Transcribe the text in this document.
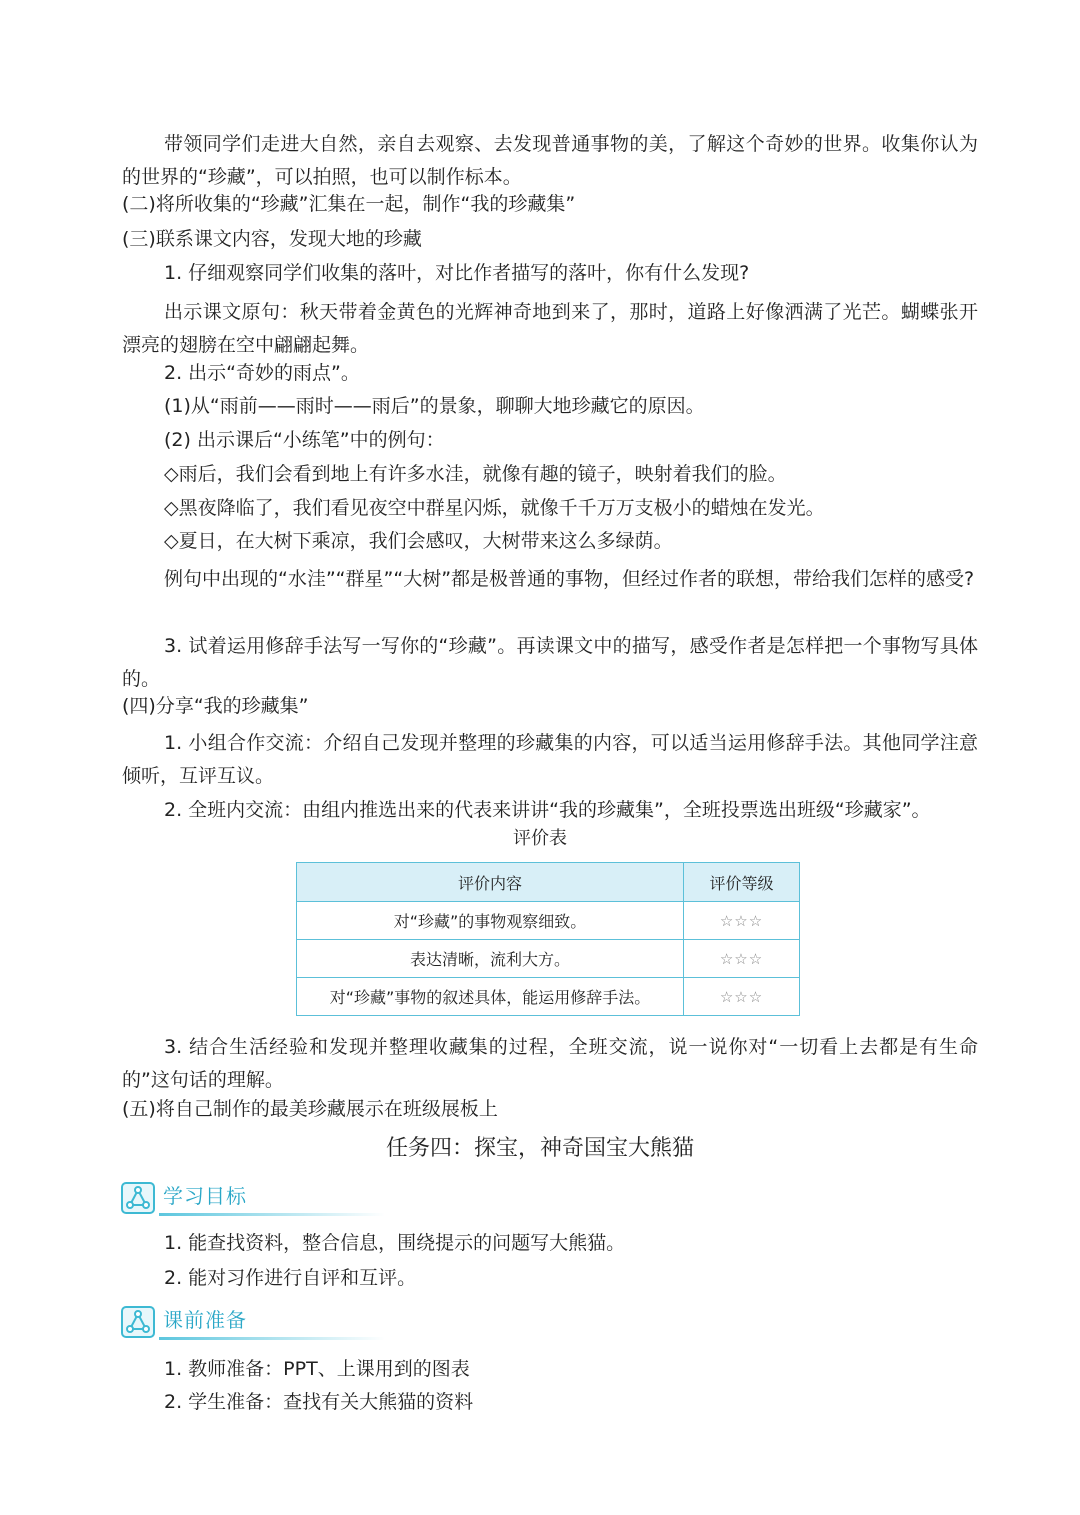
带领同学们走进大自然，亲自去观察、去发现普通事物的美，了解这个奇妙的世界。收集你认为的世界的“珍藏”，可以拍照，也可以制作标本。
(二)将所收集的“珍藏”汇集在一起，制作“我的珍藏集”
(三)联系课文内容，发现大地的珍藏
1. 仔细观察同学们收集的落叶，对比作者描写的落叶，你有什么发现?
出示课文原句：秋天带着金黄色的光辉神奇地到来了，那时，道路上好像洒满了光芒。蝴蝶张开漂亮的翅膀在空中翩翩起舞。
2. 出示“奇妙的雨点”。
(1)从“雨前——雨时——雨后”的景象，聊聊大地珍藏它的原因。
(2) 出示课后“小练笔”中的例句：
◇雨后，我们会看到地上有许多水洼，就像有趣的镜子，映射着我们的脸。
◇黑夜降临了，我们看见夜空中群星闪烁，就像千千万万支极小的蜡烛在发光。
◇夏日，在大树下乘凉，我们会感叹，大树带来这么多绿荫。
例句中出现的“水洼”“群星”“大树”都是极普通的事物，但经过作者的联想，带给我们怎样的感受?
3. 试着运用修辞手法写一写你的“珍藏”。再读课文中的描写，感受作者是怎样把一个事物写具体的。
(四)分享“我的珍藏集”
1. 小组合作交流：介绍自己发现并整理的珍藏集的内容，可以适当运用修辞手法。其他同学注意倾听，互评互议。
2. 全班内交流：由组内推选出来的代表来讲讲“我的珍藏集”，全班投票选出班级“珍藏家”。
评价表
评价内容	评价等级
对“珍藏”的事物观察细致。	☆☆☆
表达清晰，流利大方。	☆☆☆
对“珍藏”事物的叙述具体，能运用修辞手法。	☆☆☆
3. 结合生活经验和发现并整理收藏集的过程，全班交流，说一说你对“一切看上去都是有生命的”这句话的理解。
(五)将自己制作的最美珍藏展示在班级展板上
任务四：探宝，神奇国宝大熊猫
学习目标
1. 能查找资料，整合信息，围绕提示的问题写大熊猫。
2. 能对习作进行自评和互评。
课前准备
1. 教师准备：PPT、上课用到的图表
2. 学生准备：查找有关大熊猫的资料
